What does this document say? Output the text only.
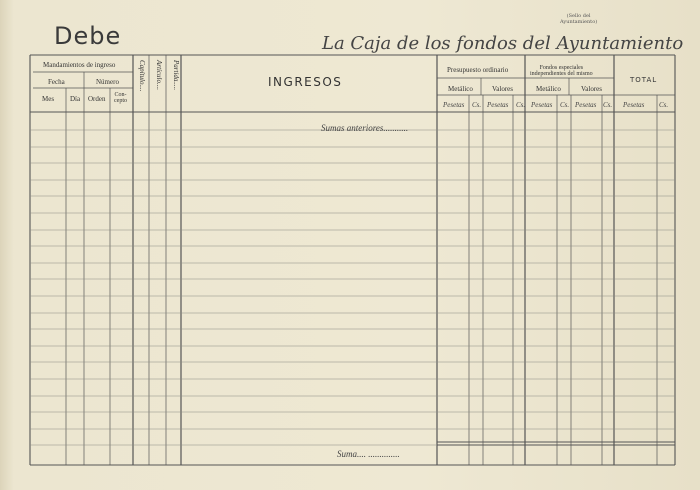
Debe	La Caja de los fondos del Ayuntamiento
(Sello del
Ayuntamiento)
Mandamientos de ingreso
Fecha	Número
Mes Día Orden Con-
cepto
Capítulo.... Artículo.... Partida.....	INGRESOS
Presupuesto ordinario	Fondos especiales
independientes del mismo
TOTAL
Metálico	Valores	Metálico	Valores
Pesetas Cs. Pesetas Cs. Pesetas Cs. Pesetas Cs. Pesetas Cs.
Sumas anteriores...........
Suma.... ..............
